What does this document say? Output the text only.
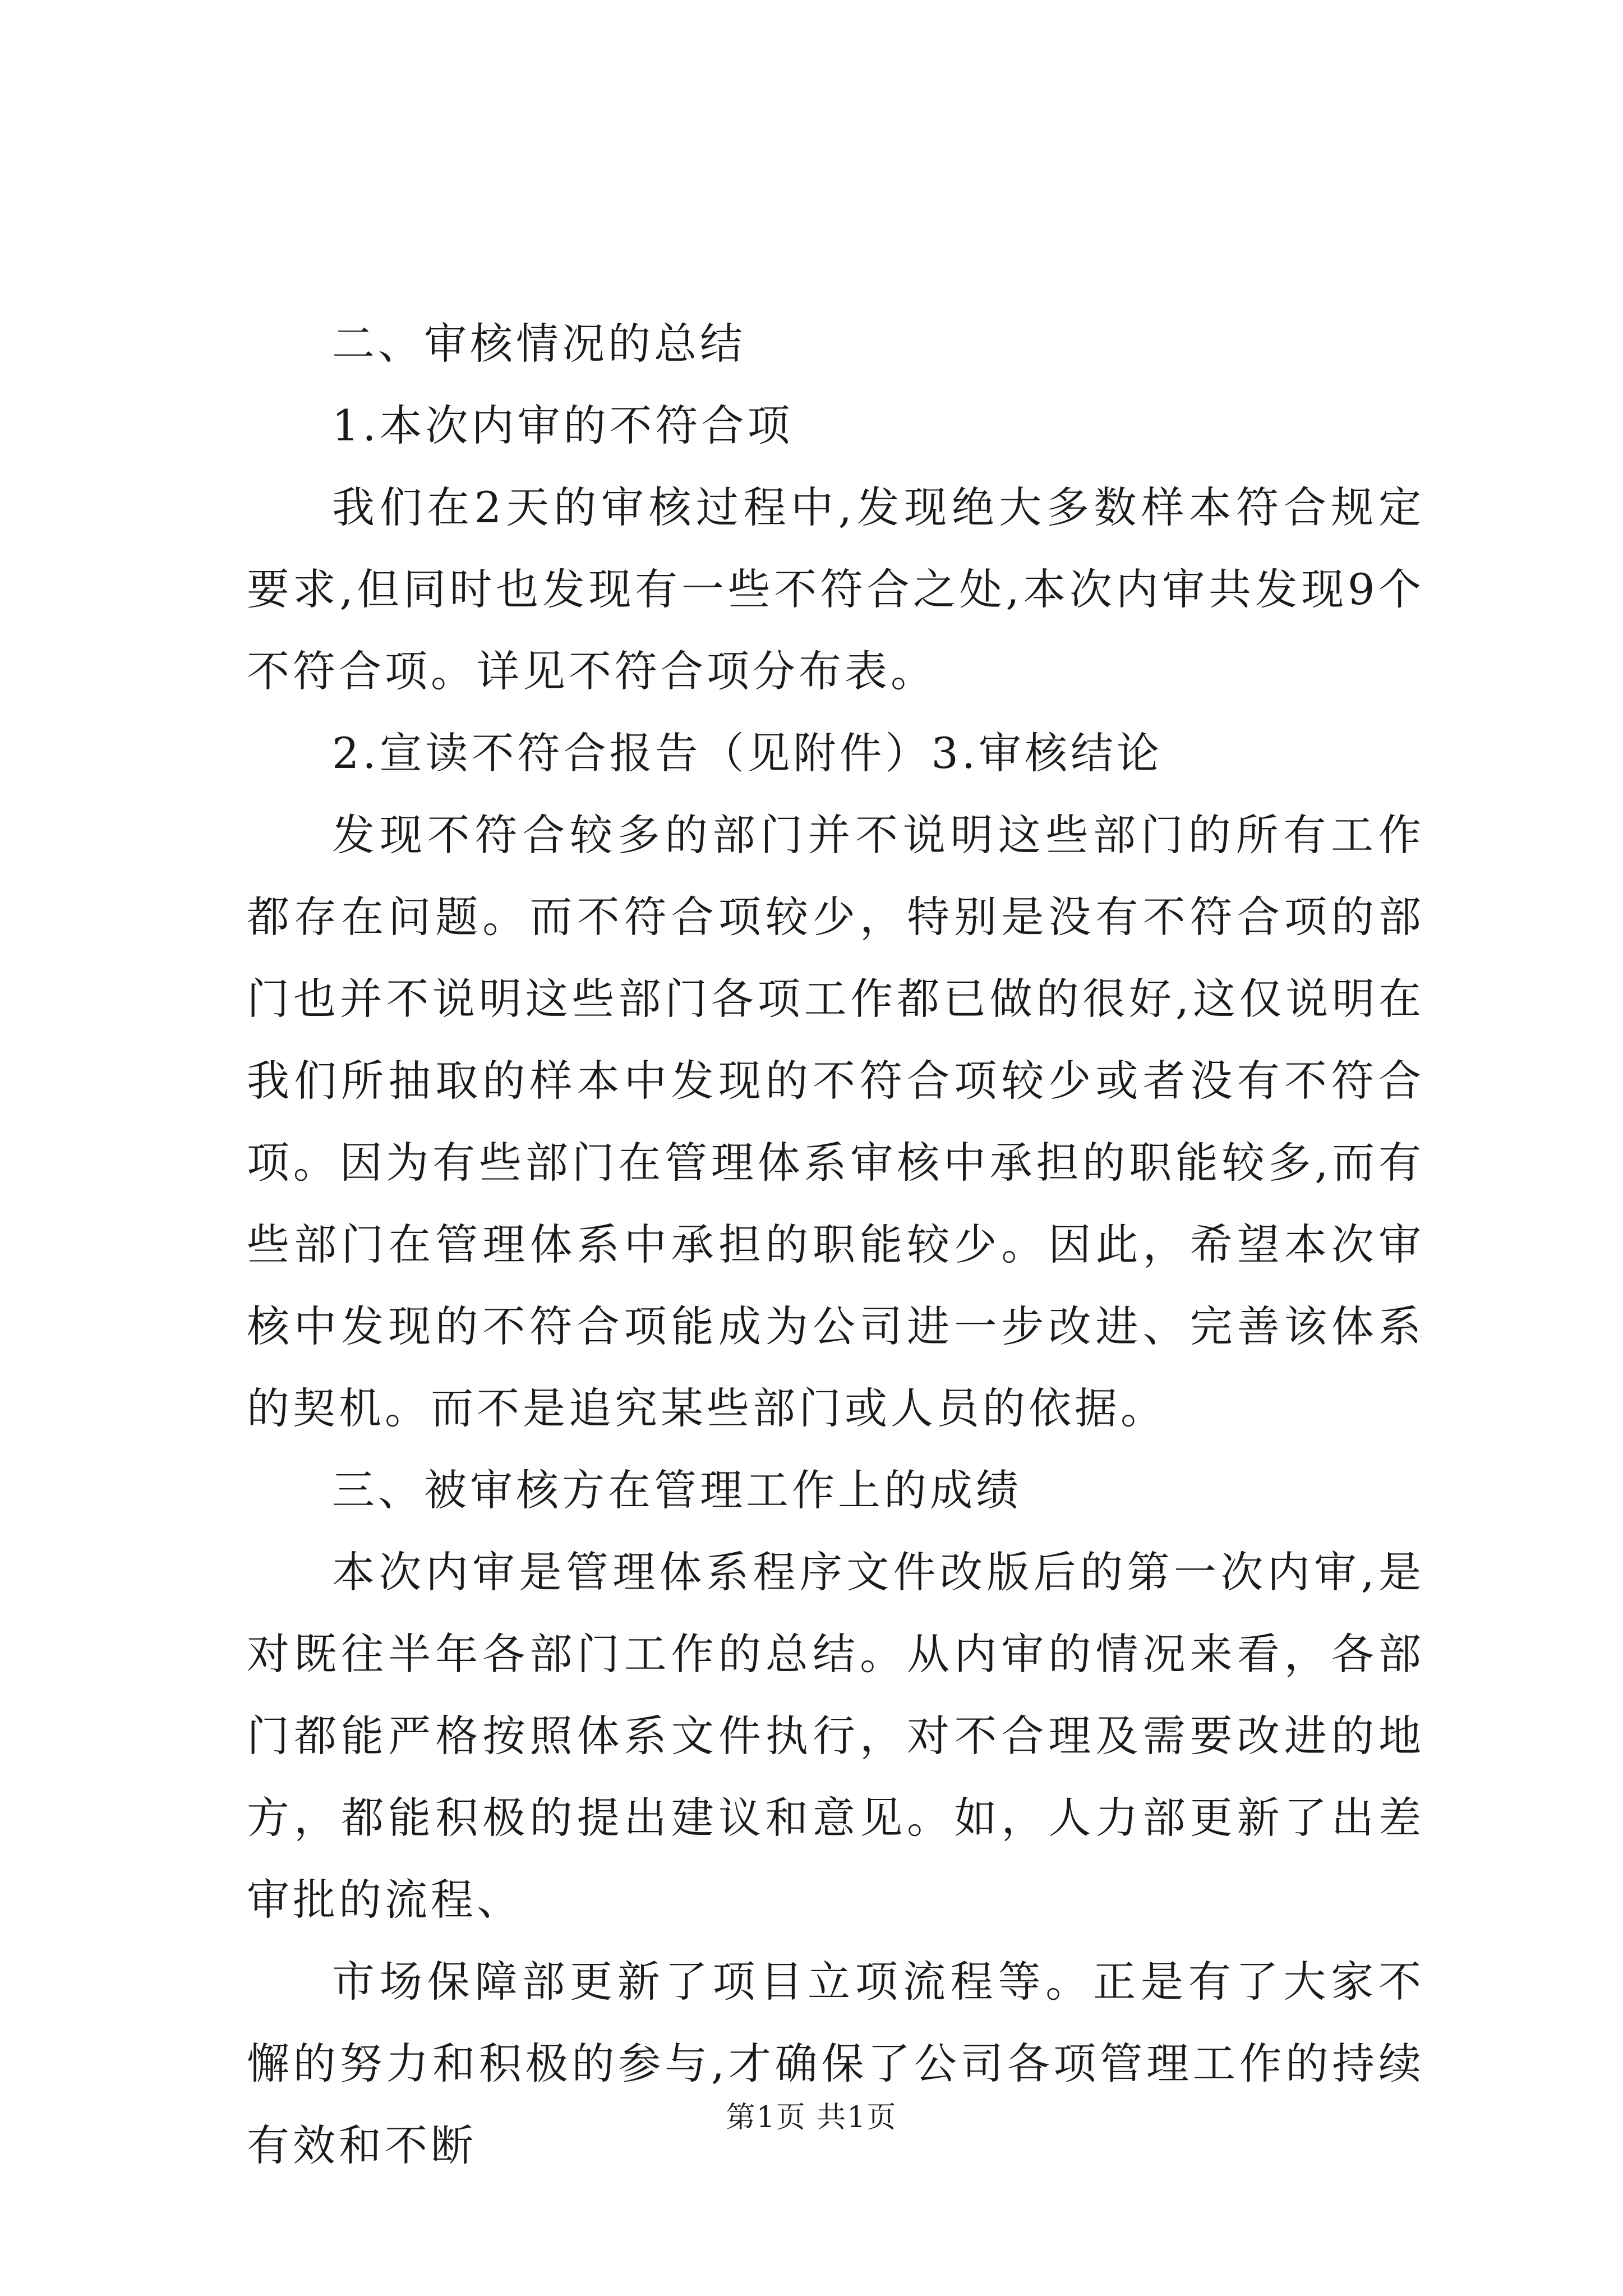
二、审核情况的总结

1.本次内审的不符合项

我们在2天的审核过程中,发现绝大多数样本符合规定要求,但同时也发现有一些不符合之处,本次内审共发现9个不符合项。详见不符合项分布表。

2.宣读不符合报告（见附件）3.审核结论

发现不符合较多的部门并不说明这些部门的所有工作都存在问题。而不符合项较少，特别是没有不符合项的部门也并不说明这些部门各项工作都已做的很好,这仅说明在我们所抽取的样本中发现的不符合项较少或者没有不符合项。因为有些部门在管理体系审核中承担的职能较多,而有些部门在管理体系中承担的职能较少。因此，希望本次审核中发现的不符合项能成为公司进一步改进、完善该体系的契机。而不是追究某些部门或人员的依据。

三、被审核方在管理工作上的成绩

本次内审是管理体系程序文件改版后的第一次内审,是对既往半年各部门工作的总结。从内审的情况来看，各部门都能严格按照体系文件执行，对不合理及需要改进的地方，都能积极的提出建议和意见。如，人力部更新了出差审批的流程、

市场保障部更新了项目立项流程等。正是有了大家不懈的努力和积极的参与,才确保了公司各项管理工作的持续有效和不断

第1页 共1页
